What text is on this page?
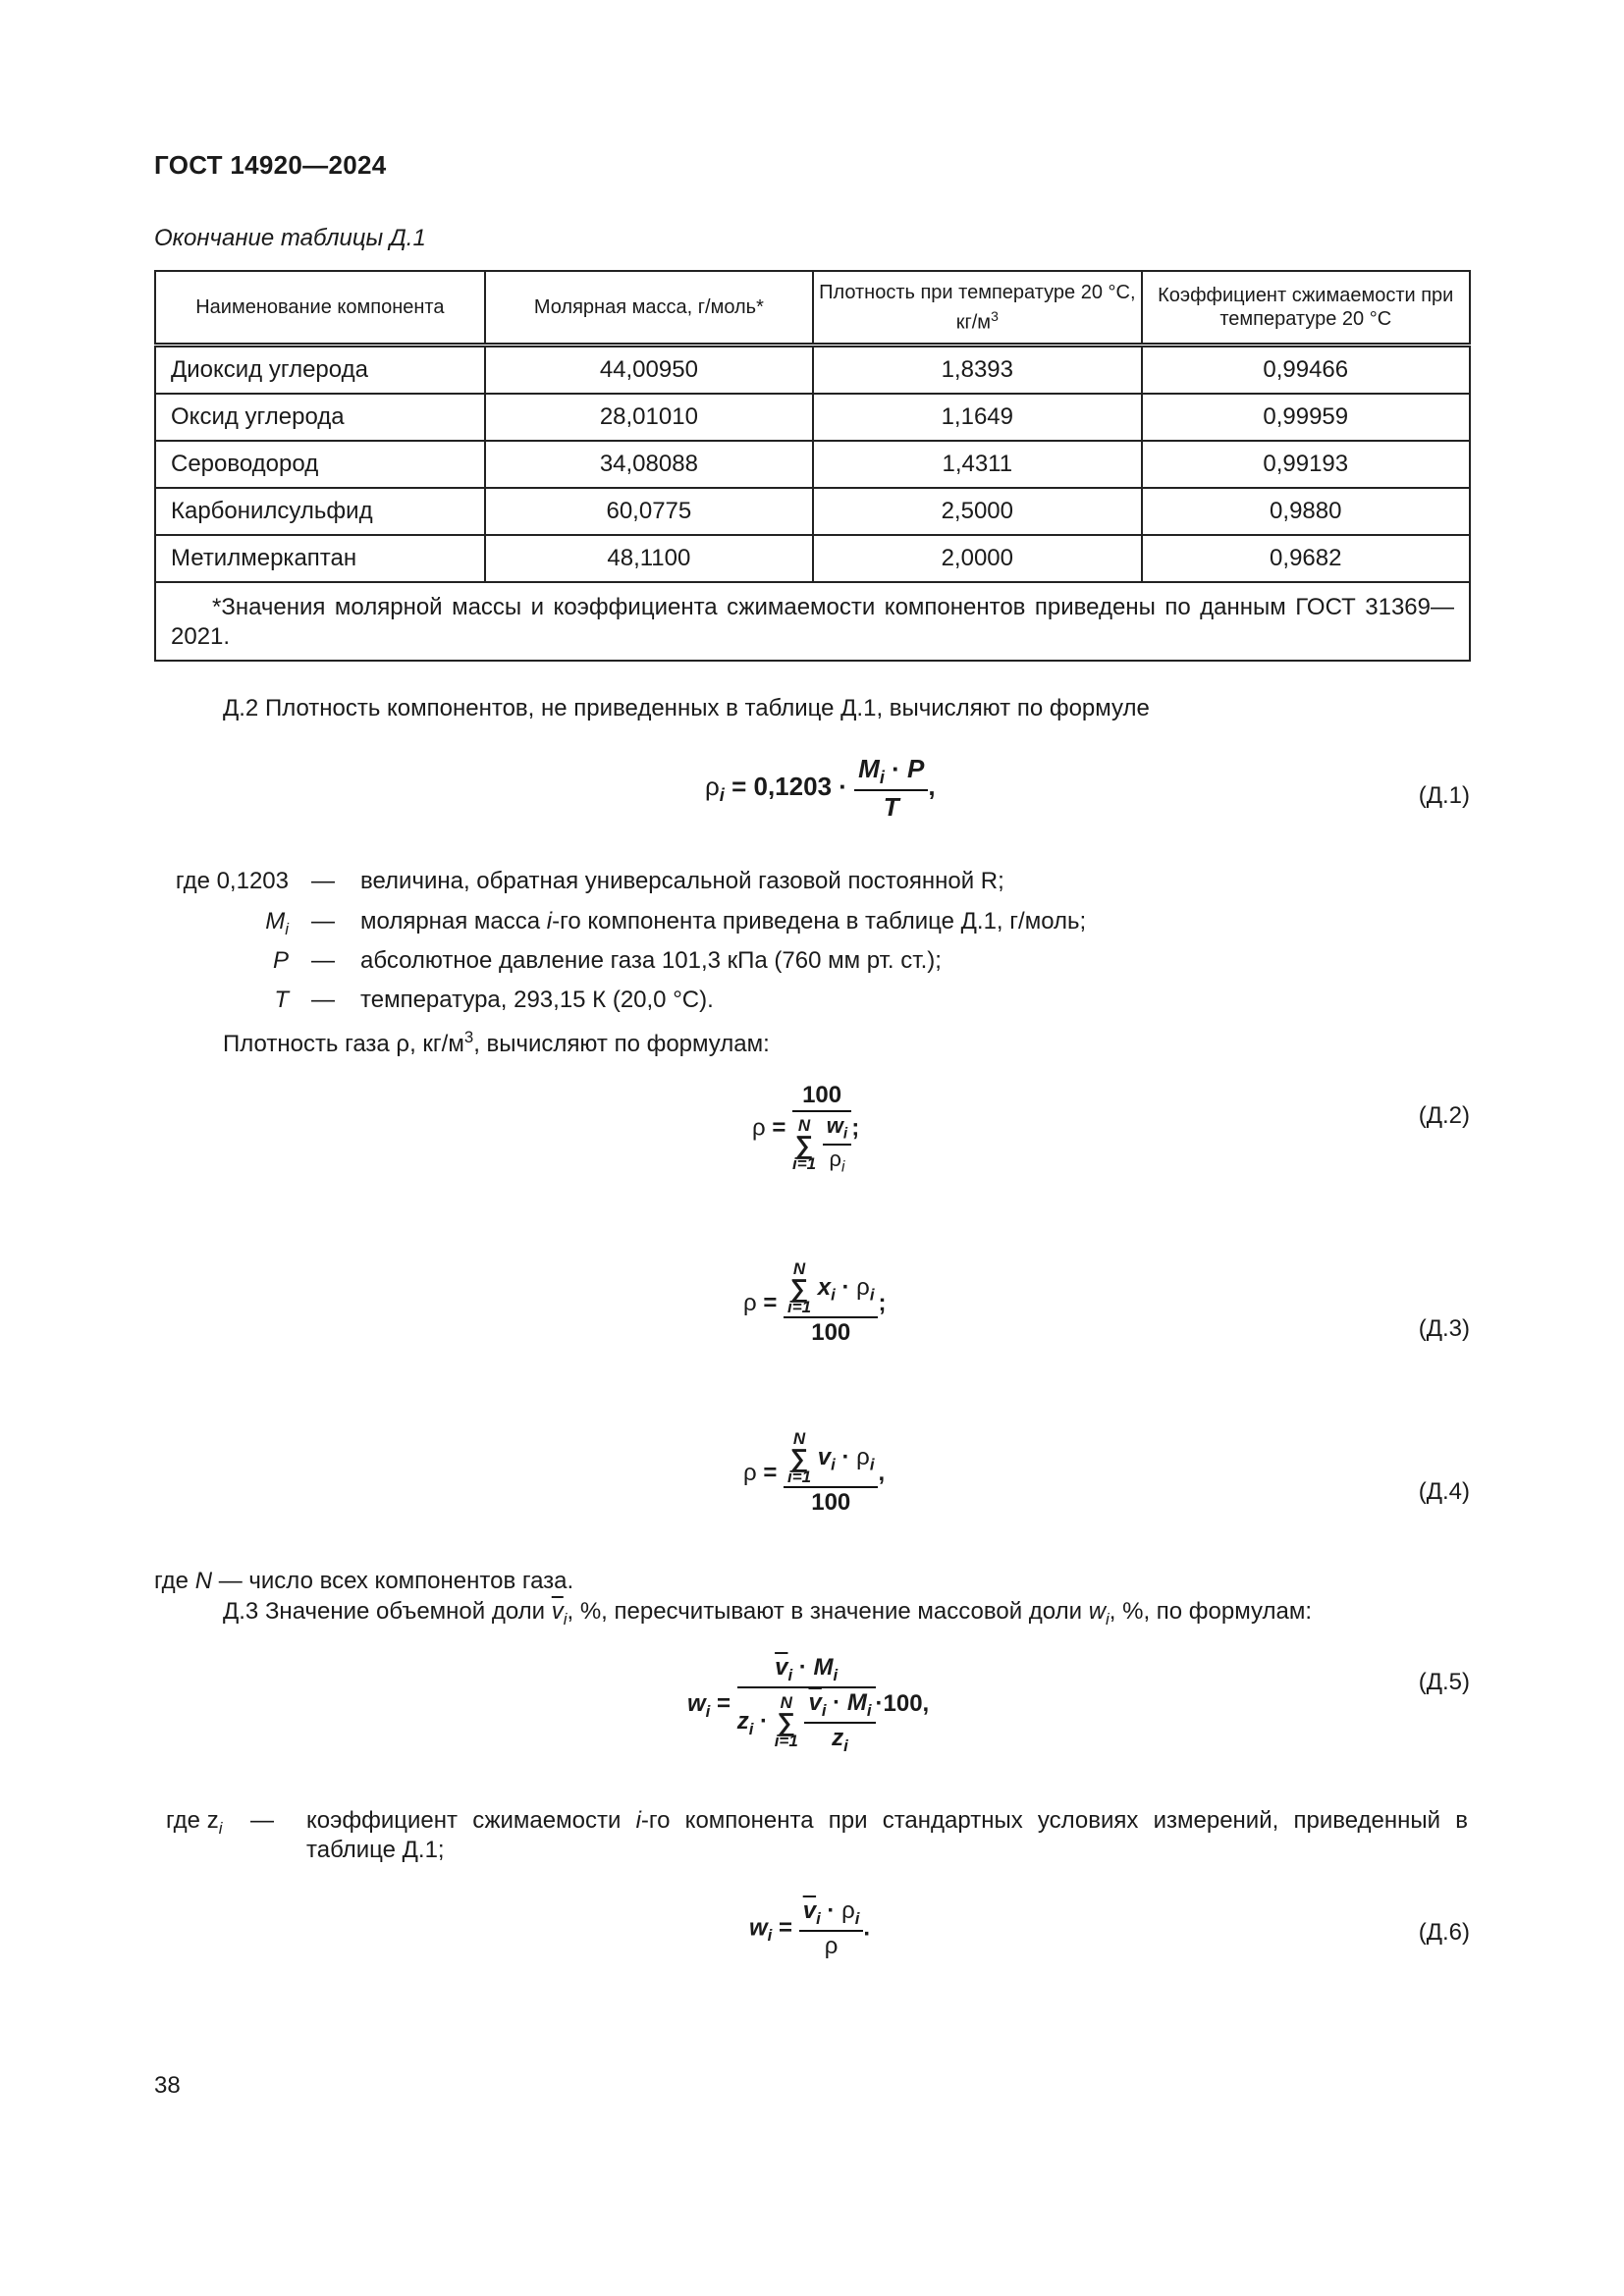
ГОСТ 14920—2024
Окончание таблицы Д.1
Наименование компонента	Молярная масса, г/моль*	Плотность при температуре 20 °С, $кг/м^3$	Коэффициент сжимаемости при температуре 20 °С
Диоксид углерода	44,00950	1,8393	0,99466
Оксид углерода	28,01010	1,1649	0,99959
Сероводород	34,08088	1,4311	0,99193
Карбонилсульфид	60,0775	2,5000	0,9880
Метилмеркаптан	48,1100	2,0000	0,9682

*Значения молярной массы и коэффициента сжимаемости компонентов приведены по данным ГОСТ 31369—2021.			
Д.2 Плотность компонентов, не приведенных в таблице Д.1, вычисляют по формуле
$\rho_i = 0,1203 \cdot \frac{M_i \cdot P}{T}$ ,	(Д.1)
где 0,1203 — величина, обратная универсальной газовой постоянной R;
$M_i$ — молярная масса i-го компонента приведена в таблице Д.1, г/моль;
P — абсолютное давление газа 101,3 кПа (760 мм рт. ст.);
T — температура, 293,15 К (20,0 °С).
Плотность газа ρ, $кг/м^3$, вычисляют по формулам:
ρ =
100
N
∑
$i=1 \frac{w_i}{\rho_i}$ ;	(Д.2)
ρ =
N
∑
i=1 $x_i \cdot \rho_i$
100
;
(Д.3)
ρ =
N
∑
i=1 $v_i \cdot \rho_i$
100
,
(Д.4)
где N — число всех компонентов газа.
Д.3 Значение объемной доли $\overline{v}_i$, %, пересчитывают в значение массовой доли $w_i$, %, по формулам:
$w_i$ =
$\overline{v}_i \cdot M_i$
$z_i \cdot N$
∑
$i=1 \frac{\overline{v}_i \cdot M_i}{z_i} \cdot 100$,
(Д.5)
где $z_i$ — коэффициент сжимаемости i-го компонента при стандартных условиях измерений, приведенный в таблице Д.1;
$w_i = \frac{\overline{v}_i \cdot \rho_i}{\rho}$ .	(Д.6)
38
